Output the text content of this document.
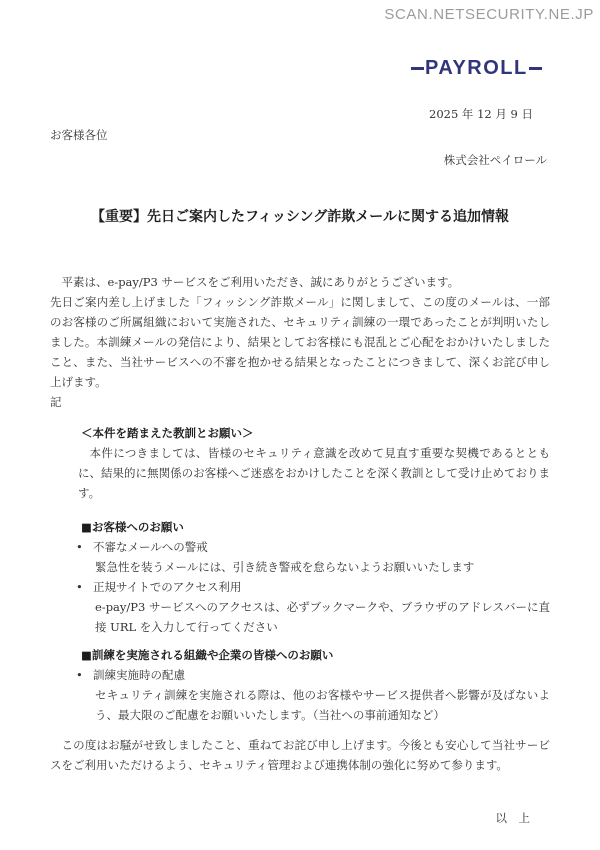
SCAN.NETSECURITY.NE.JP
PAYROLL
2025 年 12 月 9 日
お客様各位
株式会社ペイロール
【重要】先日ご案内したフィッシング詐欺メールに関する追加情報

平素は、e-pay/P3 サービスをご利用いただき、誠にありがとうございます。

先日ご案内差し上げました「フィッシング詐欺メール」に関しまして、この度のメールは、一部のお客様のご所属組織において実施された、セキュリティ訓練の一環であったことが判明いたしました。本訓練メールの発信により、結果としてお客様にも混乱とご心配をおかけいたしましたこと、また、当社サービスへの不審を抱かせる結果となったことにつきまして、深くお詫び申し上げます。

記

＜本件を踏まえた教訓とお願い＞

本件につきましては、皆様のセキュリティ意識を改めて見直す重要な契機であるとともに、結果的に無関係のお客様へご迷惑をおかけしたことを深く教訓として受け止めております。

■お客様へのお願い
• 不審なメールへの警戒
緊急性を装うメールには、引き続き警戒を怠らないようお願いいたします
• 正規サイトでのアクセス利用
e-pay/P3 サービスへのアクセスは、必ずブックマークや、ブラウザのアドレスバーに直接 URL を入力して行ってください
■訓練を実施される組織や企業の皆様へのお願い
• 訓練実施時の配慮
セキュリティ訓練を実施される際は、他のお客様やサービス提供者へ影響が及ばないよう、最大限のご配慮をお願いいたします。（当社への事前通知など）

この度はお騒がせ致しましたこと、重ねてお詫び申し上げます。今後とも安心して当社サービスをご利用いただけるよう、セキュリティ管理および連携体制の強化に努めて参ります。

以　上
